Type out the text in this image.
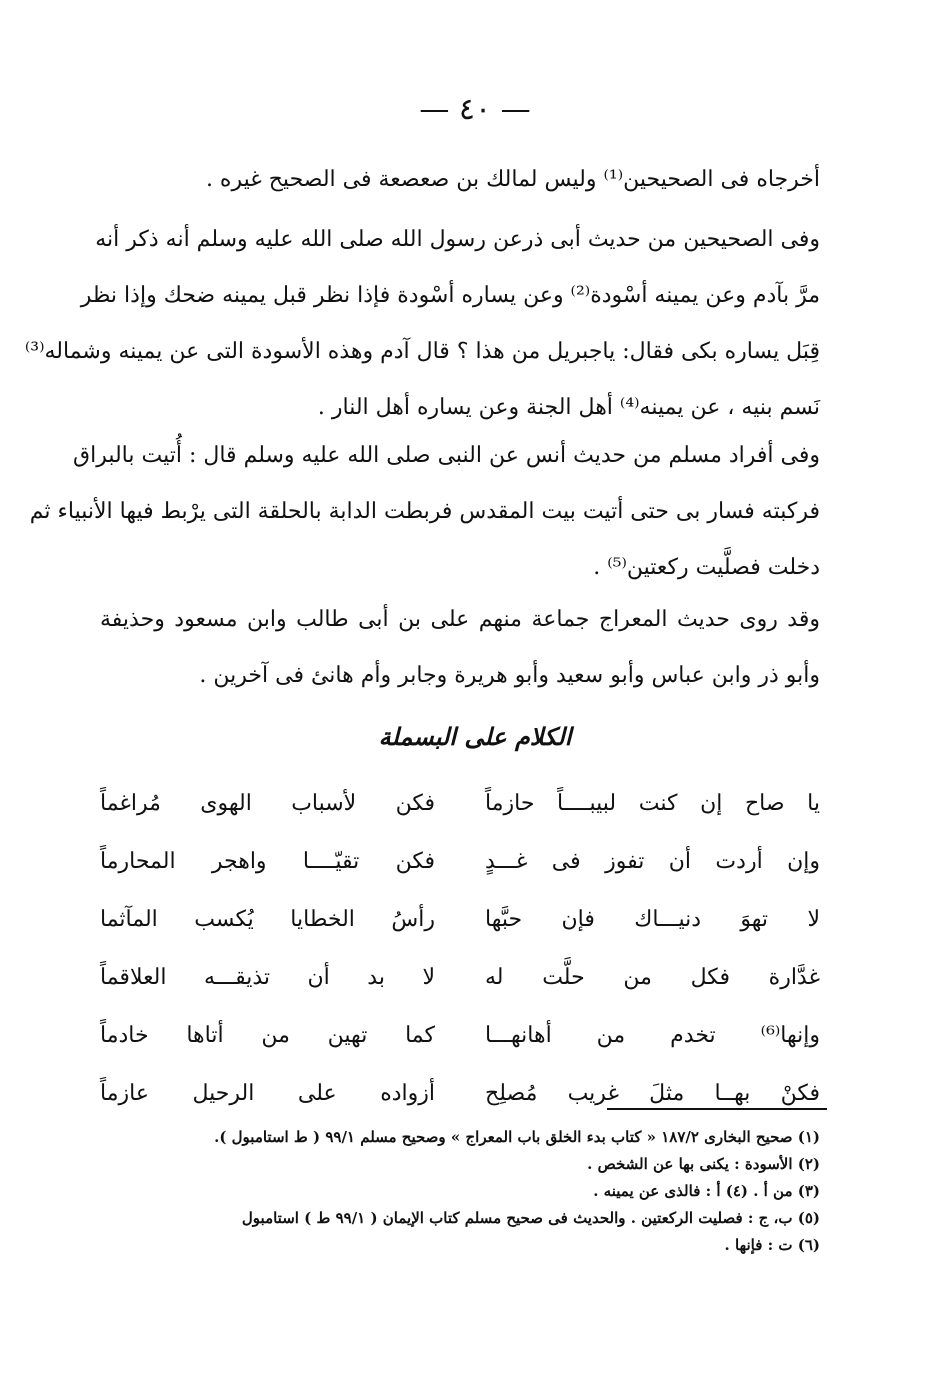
— ٤٠ —
أخرجاه فى الصحيحين⁽¹⁾ وليس لمالك بن صعصعة فى الصحيح غيره .
وفى الصحيحين من حديث أبى ذرعن رسول الله صلى الله عليه وسلم أنه ذكر أنه
مرَّ بآدم وعن يمينه أسْودة⁽²⁾ وعن يساره أسْودة فإذا نظر قبل يمينه ضحك وإذا نظر
قِبَل يساره بكى فقال: ياجبريل من هذا ؟ قال آدم وهذه الأسودة التى عن يمينه وشماله⁽³⁾
نَسم بنيه ، عن يمينه⁽⁴⁾ أهل الجنة وعن يساره أهل النار .
وفى أفراد مسلم من حديث أنس عن النبى صلى الله عليه وسلم قال : أُتيت بالبراق
فركبته فسار بى حتى أتيت بيت المقدس فربطت الدابة بالحلقة التى يرْبط فيها الأنبياء ثم
دخلت فصلَّيت ركعتين⁽⁵⁾ .
وقد روى حديث المعراج جماعة منهم على بن أبى طالب وابن مسعود وحذيفة
وأبو ذر وابن عباس وأبو سعيد وأبو هريرة وجابر وأم هانئ فى آخرين .
الكلام على البسملة
يا صاح إن كنت لبيبــــاً حازماً
فكن لأسباب الهوى مُراغماً
وإن أردت أن تفوز فى غـــدٍ
فكن تقيّــــا واهجر المحارماً
لا تهوَ دنيـــاك فإن حبَّها
رأسُ الخطايا يُكسب المآثما
غدَّارة فكل من حلَّت له
لا بد أن تذيقـــه العلاقماً
وإنها⁽⁶⁾ تخدم من أهانهـــا
كما تهين من أتاها خادماً
فكنْ بهــا مثلَ غريب مُصلِح
أزواده على الرحيل عازماً
(١) صحيح البخارى ١٨٧/٢ « كتاب بدء الخلق باب المعراج » وصحيح مسلم ٩٩/١ ( ط استامبول ).
(٢) الأسودة : يكنى بها عن الشخص .
(٣) من أ . (٤) أ : فالذى عن يمينه .
(٥) ب، ج : فصليت الركعتين . والحديث فى صحيح مسلم كتاب الإيمان ( ٩٩/١ ط ) استامبول
(٦) ت : فإنها .
